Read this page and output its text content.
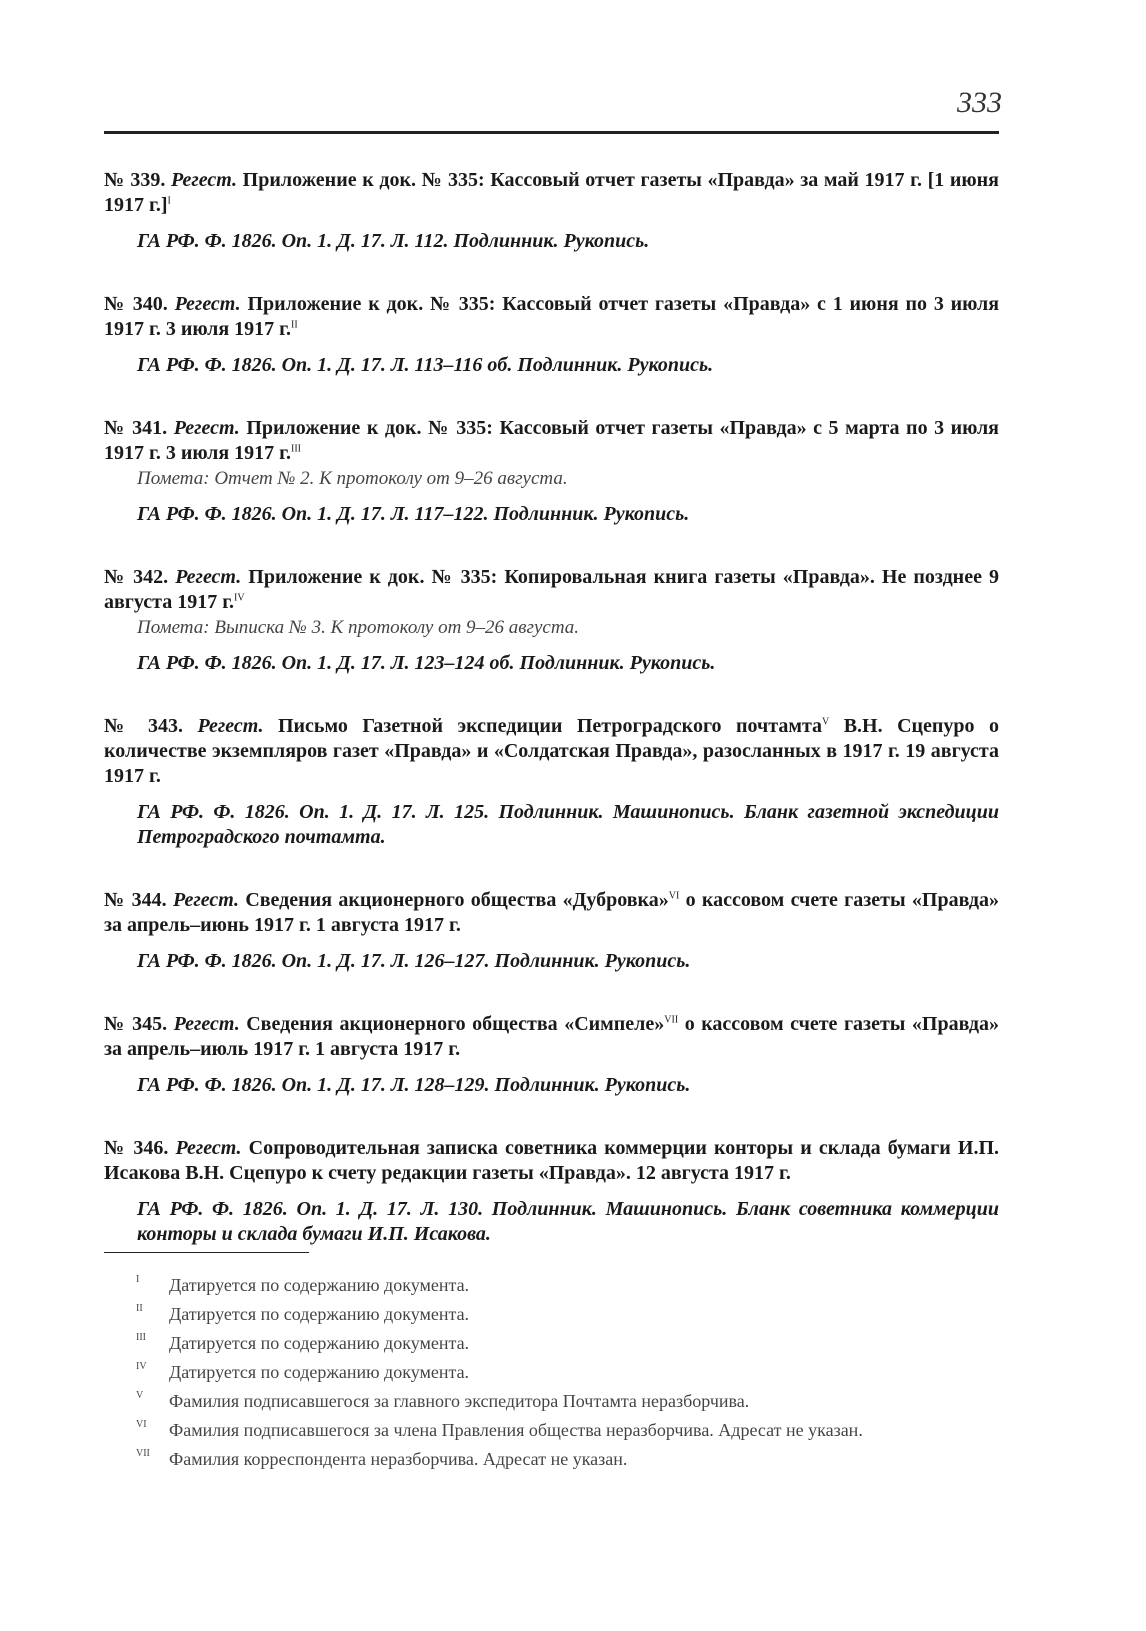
333
№ 339. Регест. Приложение к док. № 335: Кассовый отчет газеты «Правда» за май 1917 г. [1 июня 1917 г.]$^I$
ГА РФ. Ф. 1826. Оп. 1. Д. 17. Л. 112. Подлинник. Рукопись.
№ 340. Регест. Приложение к док. № 335: Кассовый отчет газеты «Правда» с 1 июня по 3 июля 1917 г. 3 июля 1917 г.$^{II}$
ГА РФ. Ф. 1826. Оп. 1. Д. 17. Л. 113–116 об. Подлинник. Рукопись.
№ 341. Регест. Приложение к док. № 335: Кассовый отчет газеты «Правда» с 5 марта по 3 июля 1917 г. 3 июля 1917 г.$^{III}$
Помета: Отчет № 2. К протоколу от 9–26 августа.
ГА РФ. Ф. 1826. Оп. 1. Д. 17. Л. 117–122. Подлинник. Рукопись.
№ 342. Регест. Приложение к док. № 335: Копировальная книга газеты «Правда». Не позднее 9 августа 1917 г.$^{IV}$
Помета: Выписка № 3. К протоколу от 9–26 августа.
ГА РФ. Ф. 1826. Оп. 1. Д. 17. Л. 123–124 об. Подлинник. Рукопись.
№ 343. Регест. Письмо Газетной экспедиции Петроградского почтамта$^V$ В.Н. Сцепуро о количестве экземпляров газет «Правда» и «Солдатская Правда», разосланных в 1917 г. 19 августа 1917 г.
ГА РФ. Ф. 1826. Оп. 1. Д. 17. Л. 125. Подлинник. Машинопись. Бланк газетной экспедиции Петроградского почтамта.
№ 344. Регест. Сведения акционерного общества «Дубровка»$^{VI}$ о кассовом счете газеты «Правда» за апрель–июнь 1917 г. 1 августа 1917 г.
ГА РФ. Ф. 1826. Оп. 1. Д. 17. Л. 126–127. Подлинник. Рукопись.
№ 345. Регест. Сведения акционерного общества «Симпеле»$^{VII}$ о кассовом счете газеты «Правда» за апрель–июль 1917 г. 1 августа 1917 г.
ГА РФ. Ф. 1826. Оп. 1. Д. 17. Л. 128–129. Подлинник. Рукопись.
№ 346. Регест. Сопроводительная записка советника коммерции конторы и склада бумаги И.П. Исакова В.Н. Сцепуро к счету редакции газеты «Правда». 12 августа 1917 г.
ГА РФ. Ф. 1826. Оп. 1. Д. 17. Л. 130. Подлинник. Машинопись. Бланк советника коммерции конторы и склада бумаги И.П. Исакова.
I Датируется по содержанию документа.
II Датируется по содержанию документа.
III Датируется по содержанию документа.
IV Датируется по содержанию документа.
V Фамилия подписавшегося за главного экспедитора Почтамта неразборчива.
VI Фамилия подписавшегося за члена Правления общества неразборчива. Адресат не указан.
VII Фамилия корреспондента неразборчива. Адресат не указан.
